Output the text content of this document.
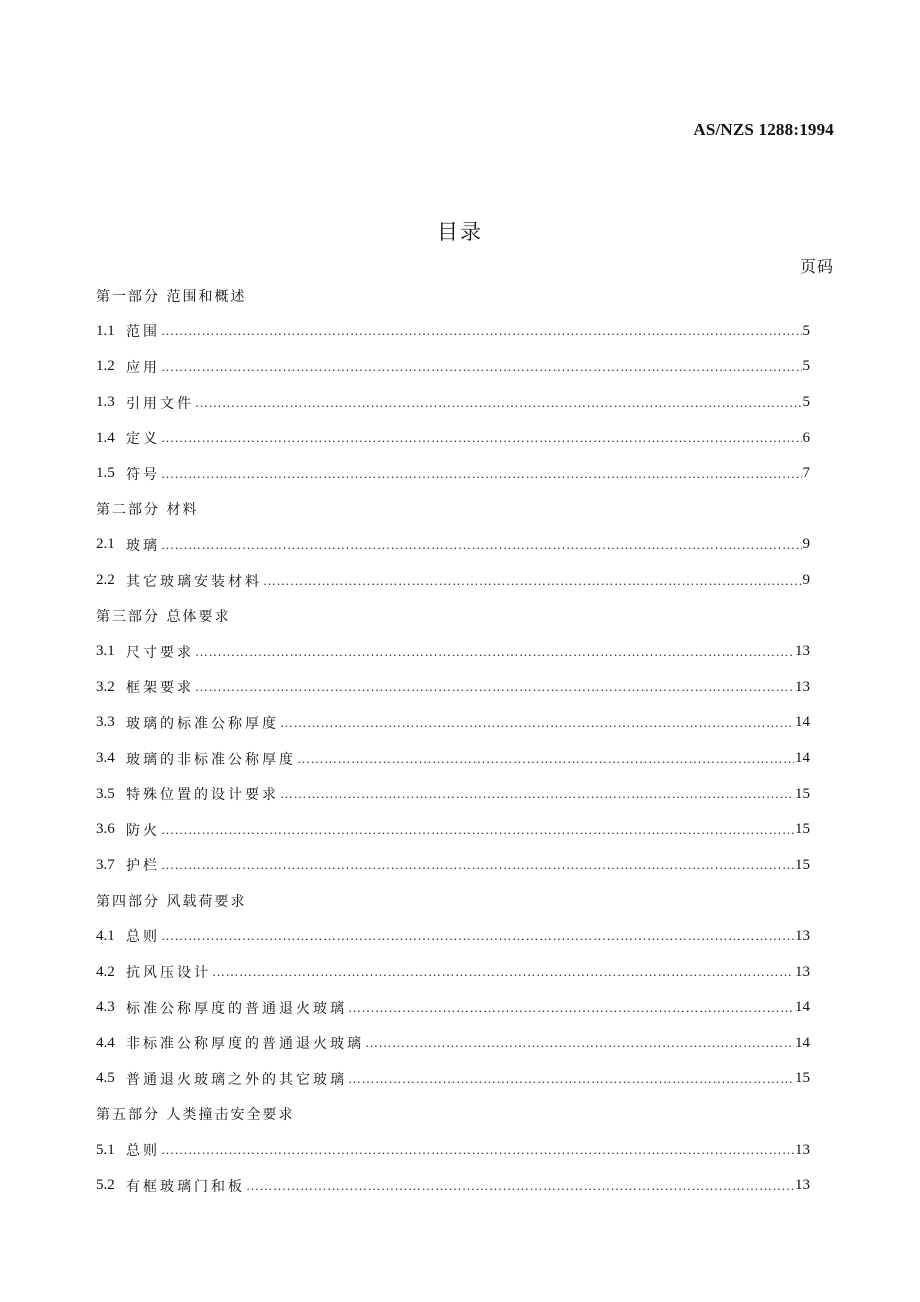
AS/NZS 1288:1994
目录
页码
第一部分 范围和概述
1.1 范围 …………………………………………………………………………………………………………………………………………………………………………………………………………	5
1.2 应用 …………………………………………………………………………………………………………………………………………………………………………………………………………	5
1.3 引用文件 …………………………………………………………………………………………………………………………………………………………………………………………………………	5
1.4 定义 …………………………………………………………………………………………………………………………………………………………………………………………………………	6
1.5 符号 …………………………………………………………………………………………………………………………………………………………………………………………………………	7
第二部分 材料
2.1 玻璃 …………………………………………………………………………………………………………………………………………………………………………………………………………	9
2.2 其它玻璃安装材料 …………………………………………………………………………………………………………………………………………………………………………………………………………	9
第三部分 总体要求
3.1 尺寸要求 …………………………………………………………………………………………………………………………………………………………………………………………………………	13
3.2 框架要求 …………………………………………………………………………………………………………………………………………………………………………………………………………	13
3.3 玻璃的标准公称厚度 …………………………………………………………………………………………………………………………………………………………………………………………………………	14
3.4 玻璃的非标准公称厚度 …………………………………………………………………………………………………………………………………………………………………………………………………………	14
3.5 特殊位置的设计要求 …………………………………………………………………………………………………………………………………………………………………………………………………………	15
3.6 防火 …………………………………………………………………………………………………………………………………………………………………………………………………………	15
3.7 护栏 …………………………………………………………………………………………………………………………………………………………………………………………………………	15
第四部分 风载荷要求
4.1 总则 …………………………………………………………………………………………………………………………………………………………………………………………………………	13
4.2 抗风压设计 …………………………………………………………………………………………………………………………………………………………………………………………………………	13
4.3 标准公称厚度的普通退火玻璃 …………………………………………………………………………………………………………………………………………………………………………………………………………	14
4.4 非标准公称厚度的普通退火玻璃 …………………………………………………………………………………………………………………………………………………………………………………………………………	14
4.5 普通退火玻璃之外的其它玻璃 …………………………………………………………………………………………………………………………………………………………………………………………………………	15
第五部分 人类撞击安全要求
5.1 总则 …………………………………………………………………………………………………………………………………………………………………………………………………………	13
5.2 有框玻璃门和板 …………………………………………………………………………………………………………………………………………………………………………………………………………	13
